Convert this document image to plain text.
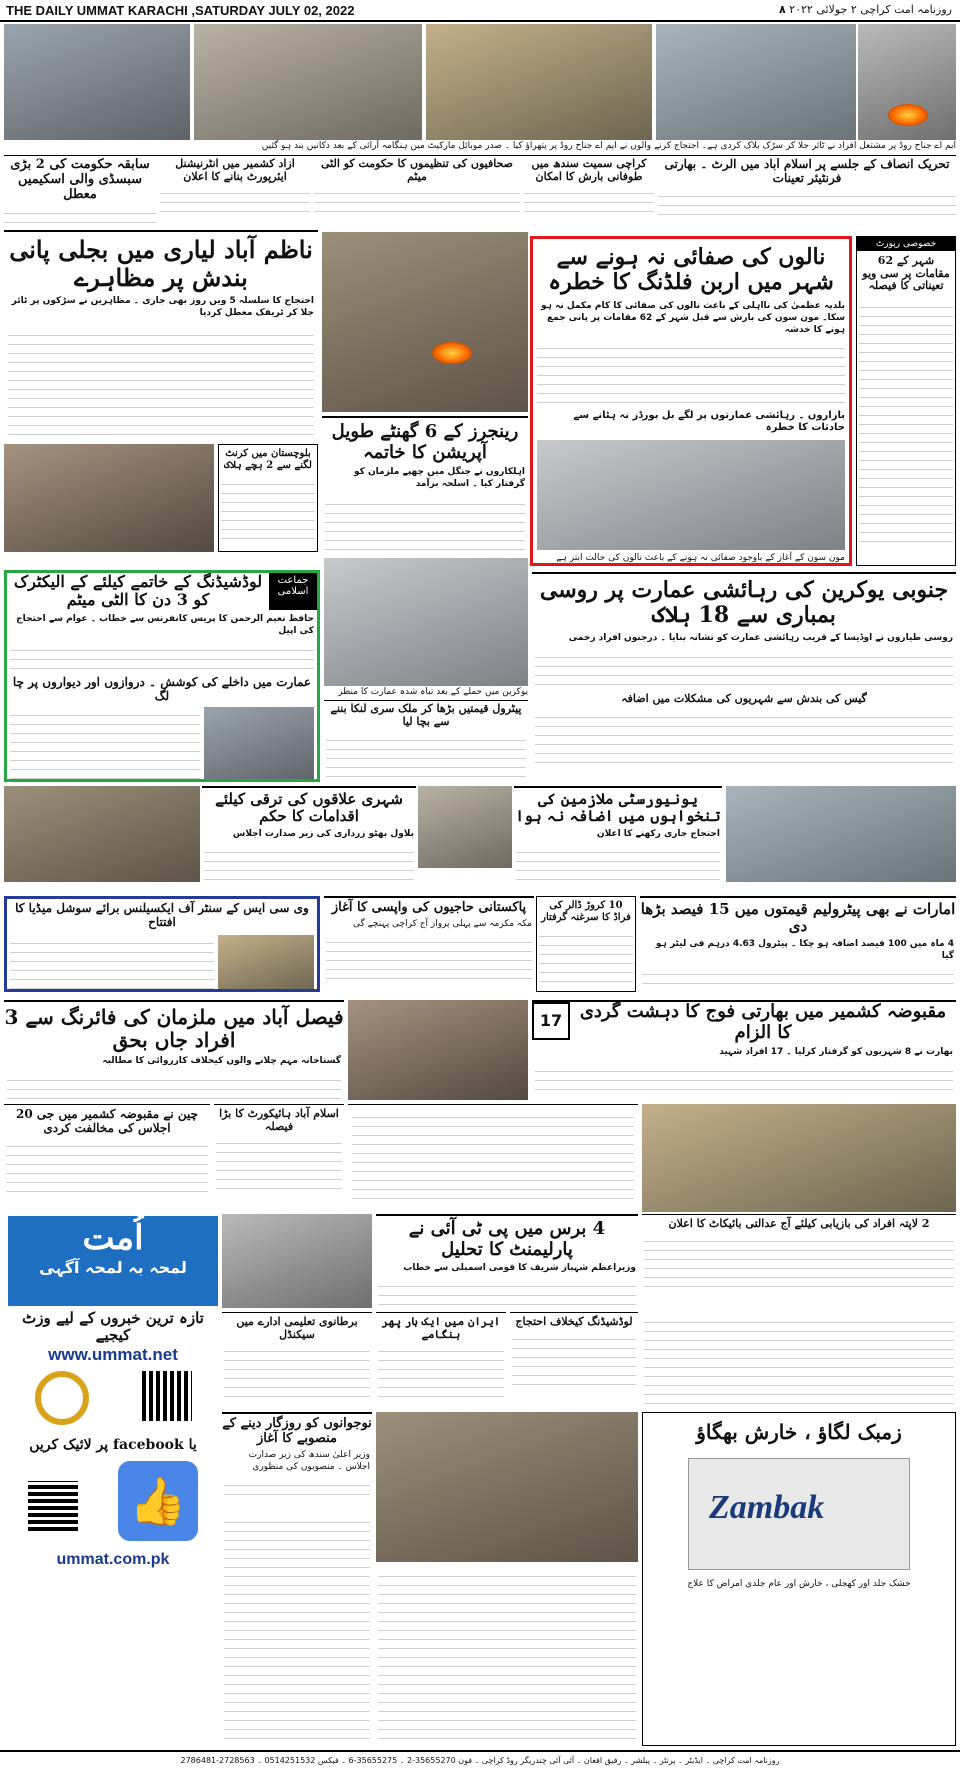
THE DAILY UMMAT KARACHI ,SATURDAY JULY 02, 2022	روزنامہ امت کراچی ۲ جولائی ۲۰۲۲ ۸
ایم اے جناح روڈ پر مشتعل افراد نے ٹائر جلا کر سڑک بلاک کردی ہے۔ احتجاج کرنے والوں نے ایم اے جناح روڈ پر پتھراؤ کیا ۔ صدر موبائل مارکیٹ میں ہنگامہ آرائی کے بعد دکانیں بند ہو گئیں
سابقہ حکومت کی 2 بڑی سبسڈی والی اسکیمیں معطل
آزاد کشمیر میں انٹرنیشنل ایئرپورٹ بنانے کا اعلان
صحافیوں کی تنظیموں کا حکومت کو الٹی میٹم
کراچی سمیت سندھ میں طوفانی بارش کا امکان
تحریک انصاف کے جلسے پر اسلام آباد میں الرٹ ۔ بھارتی فرنٹیئر تعینات
ناظم آباد لیاری میں بجلی پانی بندش پر مظاہرے
احتجاج کا سلسلہ 5 ویں روز بھی جاری ۔ مظاہرین نے سڑکوں پر ٹائر جلا کر ٹریفک معطل کردیا
نالوں کی صفائی نہ ہونے سے شہر میں اربن فلڈنگ کا خطرہ
بلدیہ عظمیٰ کی نااہلی کے باعث نالوں کی صفائی کا کام مکمل نہ ہو سکا۔ مون سون کی بارش سے قبل شہر کے 62 مقامات پر پانی جمع ہونے کا خدشہ
بازاروں ۔ رہائشی عمارتوں پر لگے بل بورڈز نہ ہٹانے سے حادثات کا خطرہ
مون سون کے آغاز کے باوجود صفائی نہ ہونے کے باعث نالوں کی حالت ابتر ہے
خصوصی رپورٹ
شہر کے 62 مقامات پر سی ویو تعیناتی کا فیصلہ
رینجرز کے 6 گھنٹے طویل آپریشن کا خاتمہ
اہلکاروں نے جنگل میں چھپے ملزمان کو گرفتار کیا ۔ اسلحہ برآمد
بلوچستان میں کرنٹ لگنے سے 2 بچے ہلاک
جماعت اسلامی
لوڈشیڈنگ کے خاتمے کیلئے کے الیکٹرک کو 3 دن کا الٹی میٹم
حافظ نعیم الرحمن کا پریس کانفرنس سے خطاب ۔ عوام سے احتجاج کی اپیل
عمارت میں داخلے کی کوشش ۔ دروازوں اور دیواروں پر چا لگ	یوکرین میں حملے کے بعد تباہ شدہ عمارت کا منظر
پیٹرول قیمتیں بڑھا کر ملک سری لنکا بننے سے بچا لیا
جنوبی یوکرین کی رہائشی عمارت پر روسی بمباری سے 18 ہلاک
روسی طیاروں نے اوڈیسا کے قریب رہائشی عمارت کو نشانہ بنایا ۔ درجنوں افراد زخمی
گیس کی بندش سے شہریوں کی مشکلات میں اضافہ
شہری علاقوں کی ترقی کیلئے اقدامات کا حکم
بلاول بھٹو زرداری کی زیر صدارت اجلاس
یونیورسٹی ملازمین کی تنخواہوں میں اضافہ نہ ہوا
احتجاج جاری رکھنے کا اعلان
وی سی ایس کے سنٹر آف ایکسیلنس برائے سوشل میڈیا کا افتتاح
پاکستانی حاجیوں کی واپسی کا آغاز
مکہ مکرمہ سے پہلی پرواز آج کراچی پہنچے گی
10 کروڑ ڈالر کی فراڈ کا سرغنہ گرفتار امارات نے بھی پیٹرولیم قیمتوں میں 15 فیصد بڑھا دی
4 ماہ میں 100 فیصد اضافہ ہو چکا ۔ پیٹرول 4.63 درہم فی لیٹر ہو گیا
فیصل آباد میں ملزمان کی فائرنگ سے 3 افراد جاں بحق
گستاخانہ مہم چلانے والوں کیخلاف کارروائی کا مطالبہ
17 مقبوضہ کشمیر میں بھارتی فوج کا دہشت گردی کا الزام
بھارت نے 8 شہریوں کو گرفتار کرلیا ۔ 17 افراد شہید
چین نے مقبوضہ کشمیر میں جی 20 اجلاس کی مخالفت کردی
اسلام آباد ہائیکورٹ کا بڑا فیصلہ
اُمت
لمحہ بہ لمحہ آگہی
تازہ ترین خبروں کے لیے وزٹ کیجیے
www.ummat.net
یا facebook پر لائیک کریں
👍
ummat.com.pk
4 برس میں پی ٹی آئی نے پارلیمنٹ کا تحلیل
وزیراعظم شہباز شریف کا قومی اسمبلی سے خطاب
2 لاپتہ افراد کی بازیابی کیلئے آج عدالتی بائیکاٹ کا اعلان
برطانوی تعلیمی ادارے میں سیکنڈل
ایران میں ایک بار پھر ہنگامے
لوڈشیڈنگ کیخلاف احتجاج
نوجوانوں کو روزگار دینے کے منصوبے کا آغاز
وزیر اعلیٰ سندھ کی زیر صدارت اجلاس ۔ منصوبوں کی منظوری
زمبک لگاؤ ، خارش بھگاؤ
Zambak
خشک جلد اور کھجلی ، خارش اور عام جلدی امراض کا علاج
روزنامہ امت کراچی ۔ ایڈیٹر ۔ پرنٹر ۔ پبلشر ۔ رفیق افغان ۔ آئی آئی چندریگر روڈ کراچی ۔ فون 35655270-2 ۔ 35655275-6 ۔ فیکس 0514251532 ۔ 2728563-2786481
